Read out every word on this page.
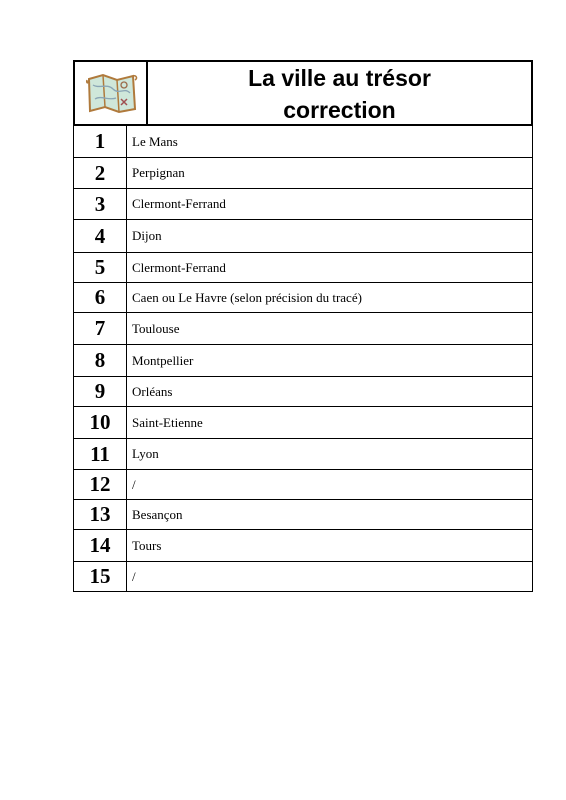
La ville au trésor
correction
1	Le Mans
2	Perpignan
3	Clermont-Ferrand
4	Dijon
5	Clermont-Ferrand
6	Caen ou Le Havre (selon précision du tracé)
7	Toulouse
8	Montpellier
9	Orléans
10	Saint-Etienne
11	Lyon
12	/
13	Besançon
14	Tours
15	/
